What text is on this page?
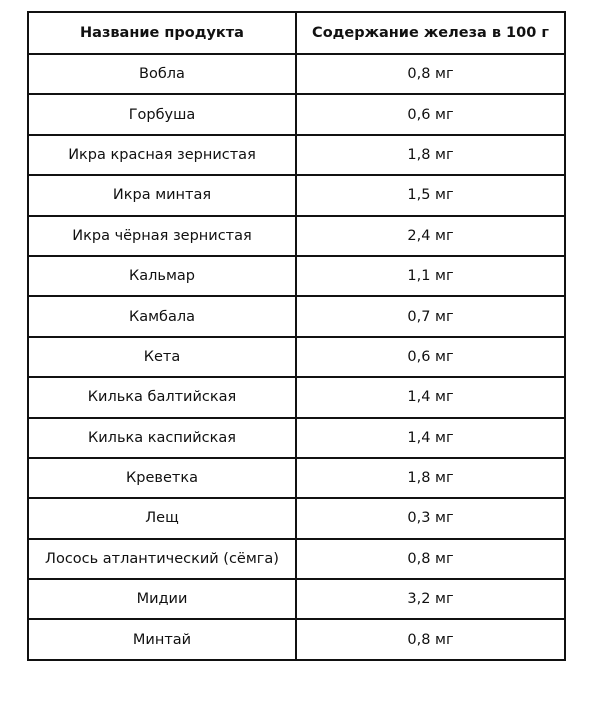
Название продукта	Содержание железа в 100 г
Вобла	0,8 мг
Горбуша	0,6 мг
Икра красная зернистая	1,8 мг
Икра минтая	1,5 мг
Икра чёрная зернистая	2,4 мг
Кальмар	1,1 мг
Камбала	0,7 мг
Кета	0,6 мг
Килька балтийская	1,4 мг
Килька каспийская	1,4 мг
Креветка	1,8 мг
Лещ	0,3 мг
Лосось атлантический (сёмга)	0,8 мг
Мидии	3,2 мг
Минтай	0,8 мг
